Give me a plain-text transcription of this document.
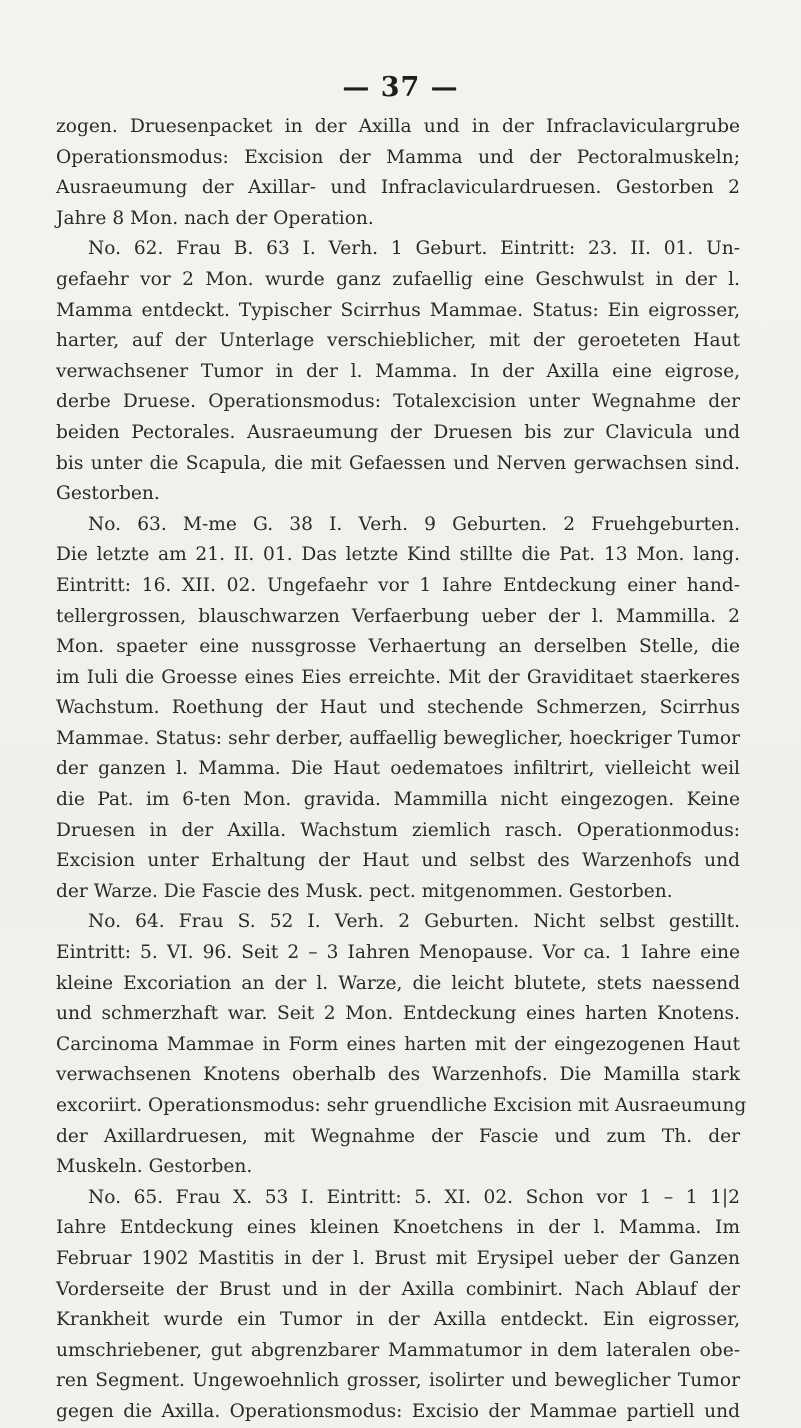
— 37 —
zogen. Druesenpacket in der Axilla und in der Infraclaviculargrube
Operationsmodus: Excision der Mamma und der Pectoralmuskeln;
Ausraeumung der Axillar- und Infraclaviculardruesen. Gestorben 2
Jahre 8 Mon. nach der Operation.
No. 62. Frau B. 63 I. Verh. 1 Geburt. Eintritt: 23. II. 01. Un-
gefaehr vor 2 Mon. wurde ganz zufaellig eine Geschwulst in der l.
Mamma entdeckt. Typischer Scirrhus Mammae. Status: Ein eigrosser,
harter, auf der Unterlage verschieblicher, mit der geroeteten Haut
verwachsener Tumor in der l. Mamma. In der Axilla eine eigrose,
derbe Druese. Operationsmodus: Totalexcision unter Wegnahme der
beiden Pectorales. Ausraeumung der Druesen bis zur Clavicula und
bis unter die Scapula, die mit Gefaessen und Nerven gerwachsen sind.
Gestorben.
No. 63. M-me G. 38 I. Verh. 9 Geburten. 2 Fruehgeburten.
Die letzte am 21. II. 01. Das letzte Kind stillte die Pat. 13 Mon. lang.
Eintritt: 16. XII. 02. Ungefaehr vor 1 Iahre Entdeckung einer hand-
tellergrossen, blauschwarzen Verfaerbung ueber der l. Mammilla. 2
Mon. spaeter eine nussgrosse Verhaertung an derselben Stelle, die
im Iuli die Groesse eines Eies erreichte. Mit der Graviditaet staerkeres
Wachstum. Roethung der Haut und stechende Schmerzen, Scirrhus
Mammae. Status: sehr derber, auffaellig beweglicher, hoeckriger Tumor
der ganzen l. Mamma. Die Haut oedematoes infiltrirt, vielleicht weil
die Pat. im 6-ten Mon. gravida. Mammilla nicht eingezogen. Keine
Druesen in der Axilla. Wachstum ziemlich rasch. Operationmodus:
Excision unter Erhaltung der Haut und selbst des Warzenhofs und
der Warze. Die Fascie des Musk. pect. mitgenommen. Gestorben.
No. 64. Frau S. 52 I. Verh. 2 Geburten. Nicht selbst gestillt.
Eintritt: 5. VI. 96. Seit 2 – 3 Iahren Menopause. Vor ca. 1 Iahre eine
kleine Excoriation an der l. Warze, die leicht blutete, stets naessend
und schmerzhaft war. Seit 2 Mon. Entdeckung eines harten Knotens.
Carcinoma Mammae in Form eines harten mit der eingezogenen Haut
verwachsenen Knotens oberhalb des Warzenhofs. Die Mamilla stark
excoriirt. Operationsmodus: sehr gruendliche Excision mit Ausraeumung
der Axillardruesen, mit Wegnahme der Fascie und zum Th. der
Muskeln. Gestorben.
No. 65. Frau X. 53 I. Eintritt: 5. XI. 02. Schon vor 1 – 1 1|2
Iahre Entdeckung eines kleinen Knoetchens in der l. Mamma. Im
Februar 1902 Mastitis in der l. Brust mit Erysipel ueber der Ganzen
Vorderseite der Brust und in der Axilla combinirt. Nach Ablauf der
Krankheit wurde ein Tumor in der Axilla entdeckt. Ein eigrosser,
umschriebener, gut abgrenzbarer Mammatumor in dem lateralen obe-
ren Segment. Ungewoehnlich grosser, isolirter und beweglicher Tumor
gegen die Axilla. Operationsmodus: Excisio der Mammae partiell und
